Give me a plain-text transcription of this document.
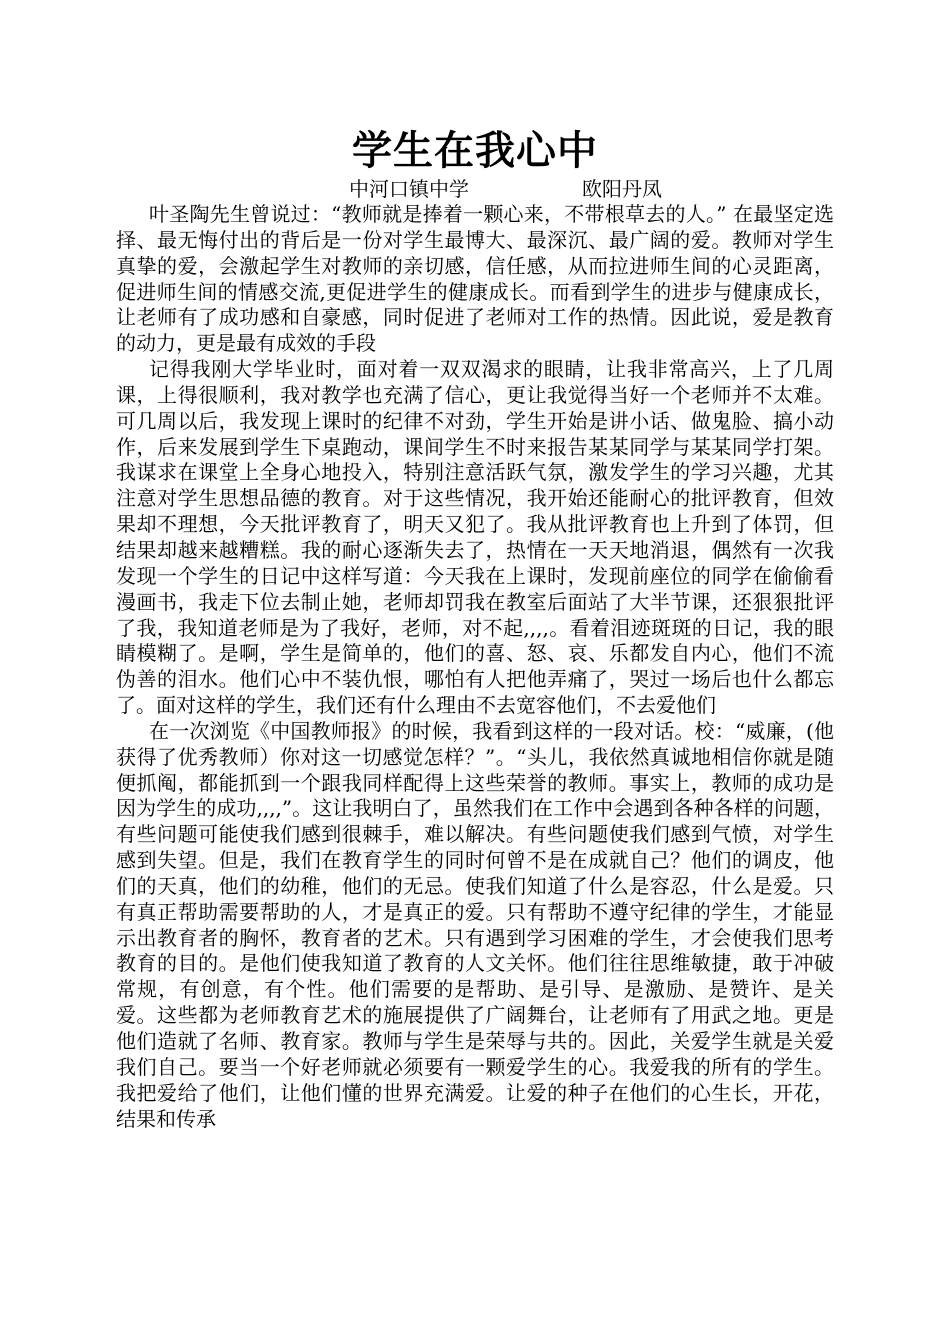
学生在我心中
中河口镇中学	欧阳丹凤

叶圣陶先生曾说过：“教师就是捧着一颗心来，不带根草去的人。” 在最坚定选择、最无悔付出的背后是一份对学生最博大、最深沉、最广阔的爱。教师对学生真挚的爱，会激起学生对教师的亲切感，信任感，从而拉进师生间的心灵距离，促进师生间的情感交流,更促进学生的健康成长。而看到学生的进步与健康成长，让老师有了成功感和自豪感，同时促进了老师对工作的热情。因此说，爱是教育的动力，更是最有成效的手段

记得我刚大学毕业时，面对着一双双渴求的眼睛，让我非常高兴，上了几周课，上得很顺利，我对教学也充满了信心，更让我觉得当好一个老师并不太难。可几周以后，我发现上课时的纪律不对劲，学生开始是讲小话、做鬼脸、搞小动作，后来发展到学生下桌跑动，课间学生不时来报告某某同学与某某同学打架。我谋求在课堂上全身心地投入，特别注意活跃气氛，激发学生的学习兴趣，尤其注意对学生思想品德的教育。对于这些情况，我开始还能耐心的批评教育，但效果却不理想，今天批评教育了，明天又犯了。我从批评教育也上升到了体罚，但结果却越来越糟糕。我的耐心逐渐失去了，热情在一天天地消退，偶然有一次我发现一个学生的日记中这样写道：今天我在上课时，发现前座位的同学在偷偷看漫画书，我走下位去制止她，老师却罚我在教室后面站了大半节课，还狠狠批评了我，我知道老师是为了我好，老师，对不起,,,,。看着泪迹斑斑的日记，我的眼睛模糊了。是啊，学生是简单的，他们的喜、怒、哀、乐都发自内心，他们不流伪善的泪水。他们心中不装仇恨，哪怕有人把他弄痛了，哭过一场后也什么都忘了。面对这样的学生，我们还有什么理由不去宽容他们，不去爱他们

在一次浏览《中国教师报》的时候，我看到这样的一段对话。校：“威廉，(他获得了优秀教师）你对这一切感觉怎样？”。“头儿，我依然真诚地相信你就是随便抓阄，都能抓到一个跟我同样配得上这些荣誉的教师。事实上，教师的成功是因为学生的成功,,,,”。这让我明白了，虽然我们在工作中会遇到各种各样的问题，有些问题可能使我们感到很棘手，难以解决。有些问题使我们感到气愤，对学生感到失望。但是，我们在教育学生的同时何曾不是在成就自己？他们的调皮，他们的天真，他们的幼稚，他们的无忌。使我们知道了什么是容忍，什么是爱。只有真正帮助需要帮助的人，才是真正的爱。只有帮助不遵守纪律的学生，才能显示出教育者的胸怀，教育者的艺术。只有遇到学习困难的学生，才会使我们思考教育的目的。是他们使我知道了教育的人文关怀。他们往往思维敏捷，敢于冲破常规，有创意，有个性。他们需要的是帮助、是引导、是激励、是赞许、是关爱。这些都为老师教育艺术的施展提供了广阔舞台，让老师有了用武之地。更是他们造就了名师、教育家。教师与学生是荣辱与共的。因此，关爱学生就是关爱我们自己。要当一个好老师就必须要有一颗爱学生的心。我爱我的所有的学生。我把爱给了他们，让他们懂的世界充满爱。让爱的种子在他们的心生长，开花，结果和传承
